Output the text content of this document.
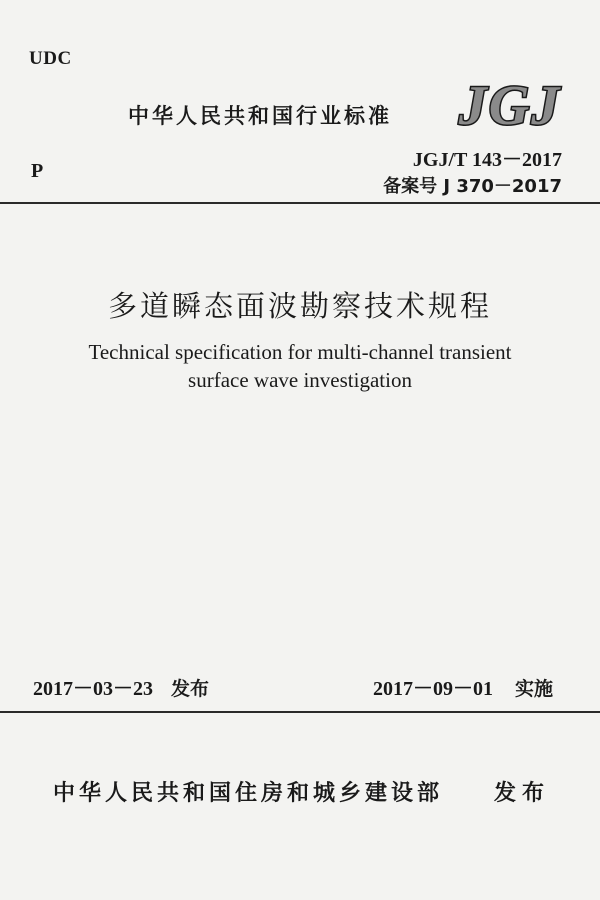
UDC
中华人民共和国行业标准 JGJ
P	JGJ/T 143－2017
备案号 J 370－2017
多道瞬态面波勘察技术规程
Technical specification for multi-channel transient
surface wave investigation
2017－03－23 发布	2017－09－01 实施
中华人民共和国住房和城乡建设部 发布
